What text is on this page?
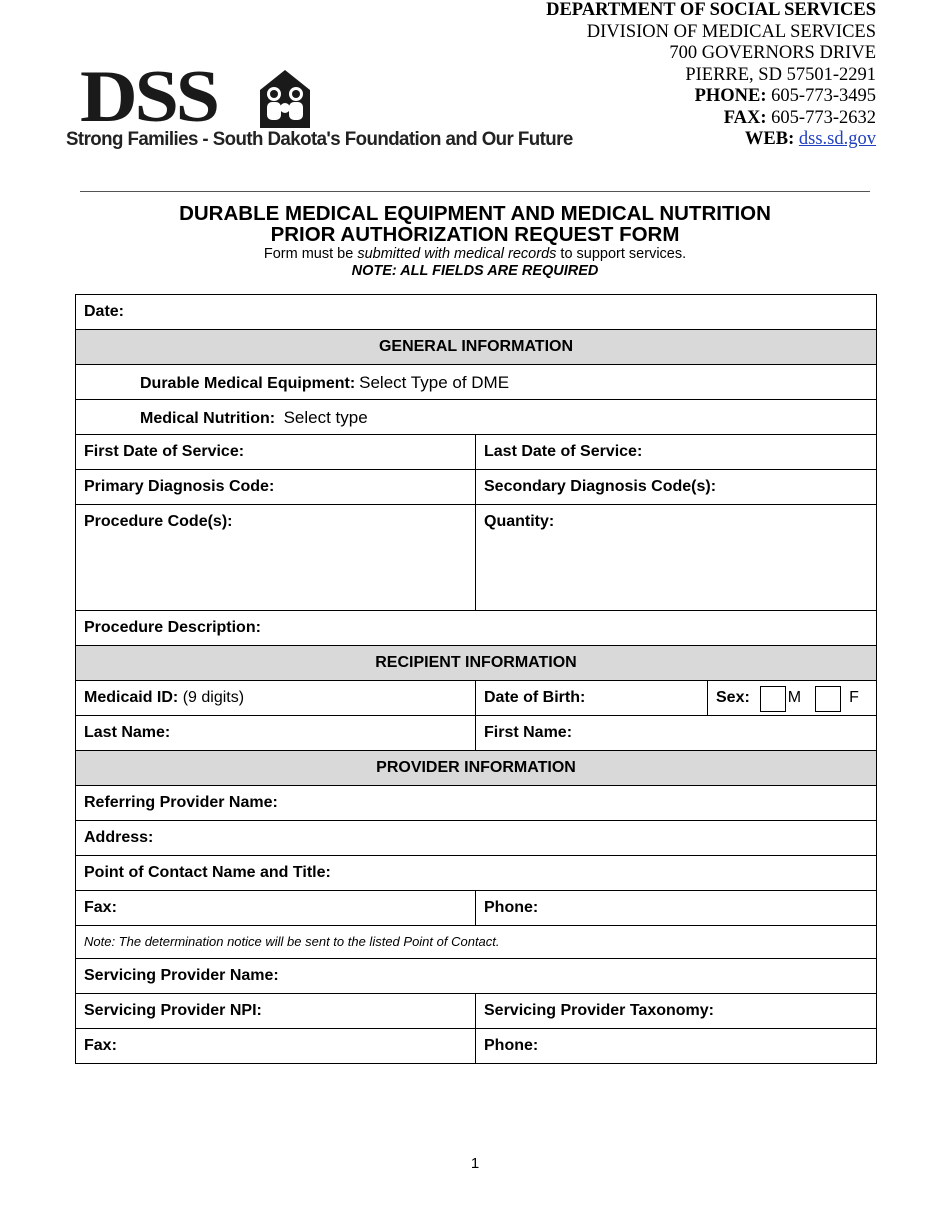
DSS
Strong Families - South Dakota's Foundation and Our Future
DEPARTMENT OF SOCIAL SERVICES
DIVISION OF MEDICAL SERVICES
700 GOVERNORS DRIVE
PIERRE, SD 57501-2291
PHONE: 605-773-3495
FAX: 605-773-2632
WEB: dss.sd.gov
DURABLE MEDICAL EQUIPMENT AND MEDICAL NUTRITION
PRIOR AUTHORIZATION REQUEST FORM
Form must be submitted with medical records to support services.
NOTE: ALL FIELDS ARE REQUIRED
Date:
GENERAL INFORMATION
Durable Medical Equipment: Select Type of DME
Medical Nutrition: Select type
First Date of Service:	Last Date of Service:
Primary Diagnosis Code:	Secondary Diagnosis Code(s):
Procedure Code(s):	Quantity:
Procedure Description:
RECIPIENT INFORMATION
Medicaid ID: (9 digits)	Date of Birth:	Sex: M	F
Last Name:	First Name:
PROVIDER INFORMATION
Referring Provider Name:
Address:
Point of Contact Name and Title:
Fax:	Phone:
Note: The determination notice will be sent to the listed Point of Contact.
Servicing Provider Name:
Servicing Provider NPI:	Servicing Provider Taxonomy:
Fax:	Phone:
1
